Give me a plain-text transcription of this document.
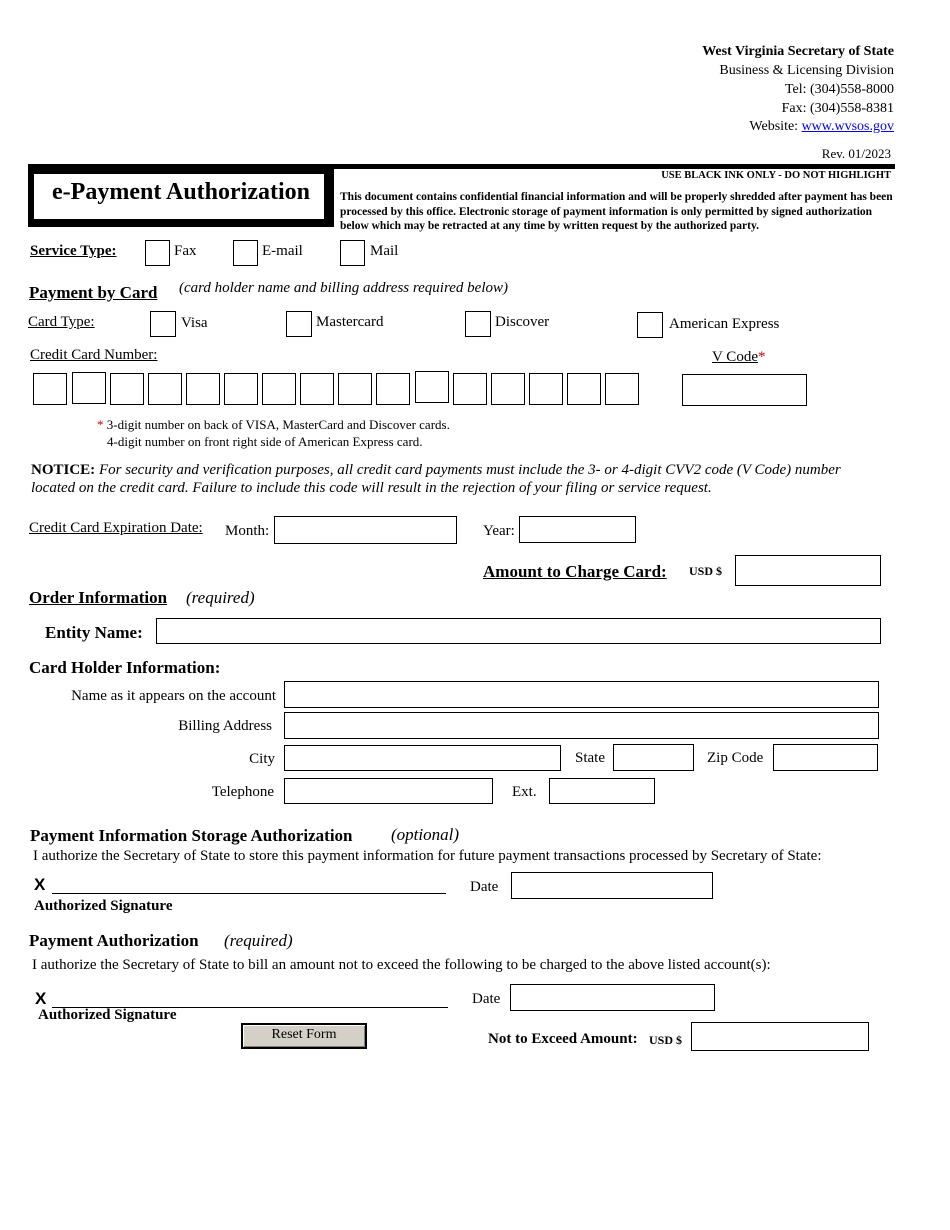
West Virginia Secretary of State
Business & Licensing Division
Tel: (304)558-8000
Fax: (304)558-8381
Website: www.wvsos.gov
Rev. 01/2023
e-Payment Authorization
USE BLACK INK ONLY - DO NOT HIGHLIGHT
This document contains confidential financial information and will be properly shredded after payment has been processed by this office. Electronic storage of payment information is only permitted by signed authorization below which may be retracted at any time by written request by the authorized party.
Service Type:	Fax	E-mail	Mail
Payment by Card (card holder name and billing address required below)
Card Type:	Visa	Mastercard	Discover	American Express
Credit Card Number:	V Code*
* 3-digit number on back of VISA, MasterCard and Discover cards.
4-digit number on front right side of American Express card.
NOTICE: For security and verification purposes, all credit card payments must include the 3- or 4-digit CVV2 code (V Code) number located on the credit card. Failure to include this code will result in the rejection of your filing or service request.
Credit Card Expiration Date: Month:	Year:
Amount to Charge Card: USD $
Order Information (required)
Entity Name:
Card Holder Information:
Name as it appears on the account
Billing Address
City	State	Zip Code
Telephone	Ext.
Payment Information Storage Authorization (optional)
I authorize the Secretary of State to store this payment information for future payment transactions processed by Secretary of State:
X
Authorized Signature
Date
Payment Authorization (required)
I authorize the Secretary of State to bill an amount not to exceed the following to be charged to the above listed account(s):
X
Authorized Signature
Date
Reset Form	Not to Exceed Amount: USD $
